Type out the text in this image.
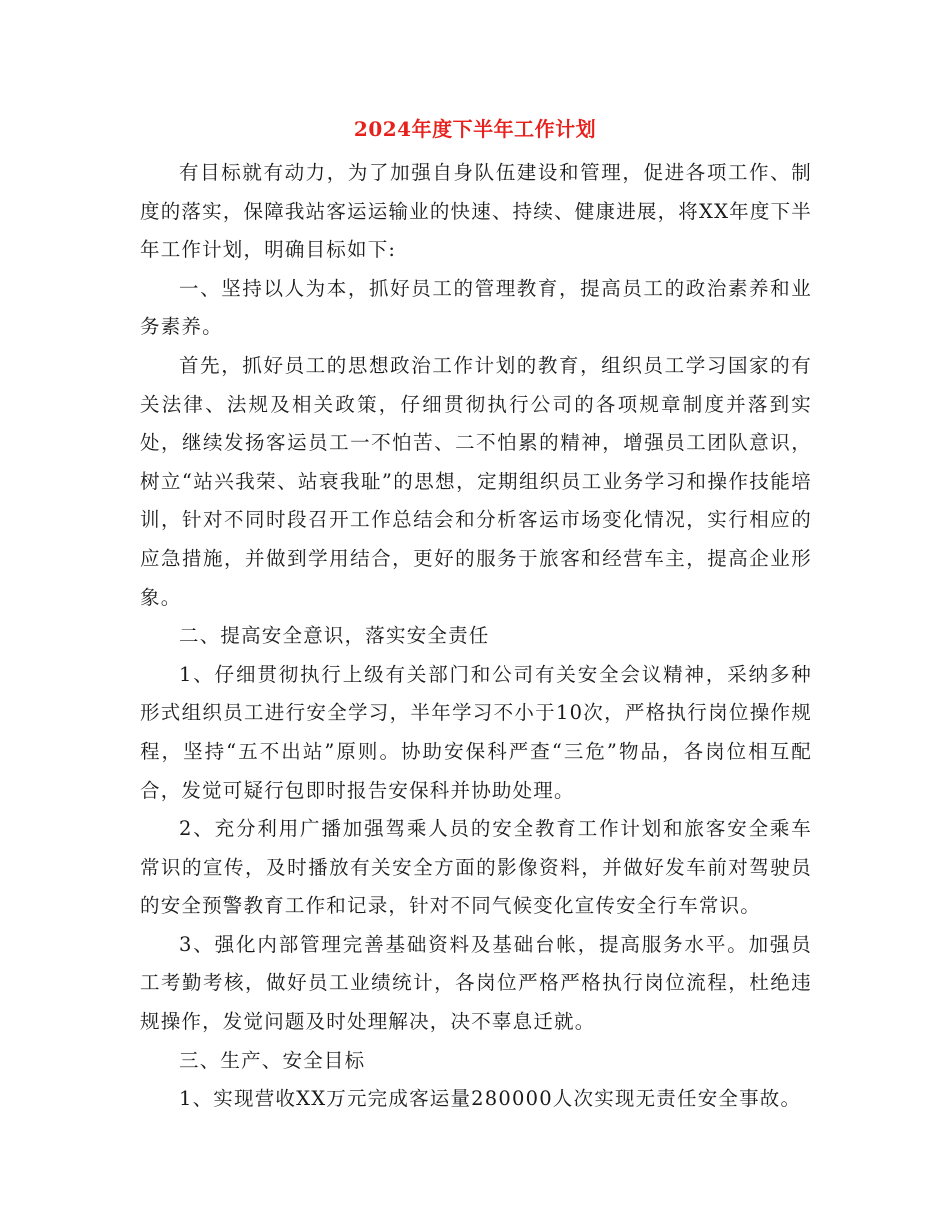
2024年度下半年工作计划

有目标就有动力，为了加强自身队伍建设和管理，促进各项工作、制度的落实，保障我站客运运输业的快速、持续、健康进展，将XX年度下半年工作计划，明确目标如下:

一、坚持以人为本，抓好员工的管理教育，提高员工的政治素养和业务素养。

首先，抓好员工的思想政治工作计划的教育，组织员工学习国家的有关法律、法规及相关政策，仔细贯彻执行公司的各项规章制度并落到实处，继续发扬客运员工一不怕苦、二不怕累的精神，增强员工团队意识，树立“站兴我荣、站衰我耻”的思想，定期组织员工业务学习和操作技能培训，针对不同时段召开工作总结会和分析客运市场变化情况，实行相应的应急措施，并做到学用结合，更好的服务于旅客和经营车主，提高企业形象。

二、提高安全意识，落实安全责任

1、仔细贯彻执行上级有关部门和公司有关安全会议精神，采纳多种形式组织员工进行安全学习，半年学习不小于10次，严格执行岗位操作规程，坚持“五不出站”原则。协助安保科严查“三危”物品，各岗位相互配合，发觉可疑行包即时报告安保科并协助处理。

2、充分利用广播加强驾乘人员的安全教育工作计划和旅客安全乘车常识的宣传，及时播放有关安全方面的影像资料，并做好发车前对驾驶员的安全预警教育工作和记录，针对不同气候变化宣传安全行车常识。

3、强化内部管理完善基础资料及基础台帐，提高服务水平。加强员工考勤考核，做好员工业绩统计，各岗位严格严格执行岗位流程，杜绝违规操作，发觉问题及时处理解决，决不辜息迁就。

三、生产、安全目标

1、实现营收XX万元完成客运量280000人次实现无责任安全事故。
